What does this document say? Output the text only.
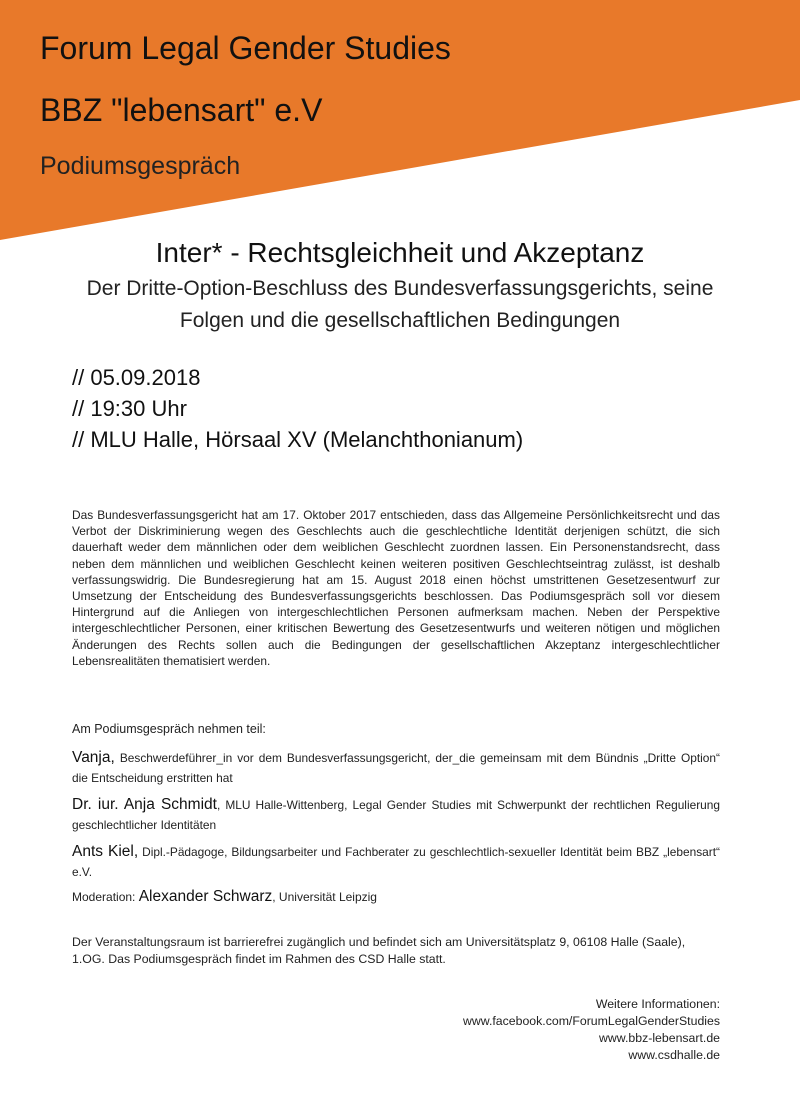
Forum Legal Gender Studies
BBZ "lebensart" e.V
Podiumsgespräch
Inter* - Rechtsgleichheit und Akzeptanz
Der Dritte-Option-Beschluss des Bundesverfassungsgerichts, seine
Folgen und die gesellschaftlichen Bedingungen
// 05.09.2018
// 19:30 Uhr
// MLU Halle, Hörsaal XV (Melanchthonianum)
Das Bundesverfassungsgericht hat am 17. Oktober 2017 entschieden, dass das Allgemeine Persönlichkeitsrecht und das Verbot der Diskriminierung wegen des Geschlechts auch die geschlechtliche Identität derjenigen schützt, die sich dauerhaft weder dem männlichen oder dem weiblichen Geschlecht zuordnen lassen. Ein Personenstandsrecht, dass neben dem männlichen und weiblichen Geschlecht keinen weiteren positiven Geschlechtseintrag zulässt, ist deshalb verfassungswidrig. Die Bundesregierung hat am 15. August 2018 einen höchst umstrittenen Gesetzesentwurf zur Umsetzung der Entscheidung des Bundesverfassungsgerichts beschlossen. Das Podiumsgespräch soll vor diesem Hintergrund auf die Anliegen von intergeschlechtlichen Personen aufmerksam machen. Neben der Perspektive intergeschlechtlicher Personen, einer kritischen Bewertung des Gesetzesentwurfs und weiteren nötigen und möglichen Änderungen des Rechts sollen auch die Bedingungen der gesellschaftlichen Akzeptanz intergeschlechtlicher Lebensrealitäten thematisiert werden.
Am Podiumsgespräch nehmen teil:
Vanja, Beschwerdeführer_in vor dem Bundesverfassungsgericht, der_die gemeinsam mit dem Bündnis „Dritte Option“ die Entscheidung erstritten hat
Dr. iur. Anja Schmidt, MLU Halle-Wittenberg, Legal Gender Studies mit Schwerpunkt der rechtlichen Regulierung geschlechtlicher Identitäten
Ants Kiel, Dipl.-Pädagoge, Bildungsarbeiter und Fachberater zu geschlechtlich-sexueller Identität beim BBZ „lebensart“ e.V.
Moderation: Alexander Schwarz, Universität Leipzig
Der Veranstaltungsraum ist barrierefrei zugänglich und befindet sich am Universitätsplatz 9, 06108 Halle (Saale), 1.OG. Das Podiumsgespräch findet im Rahmen des CSD Halle statt.
Weitere Informationen:
www.facebook.com/ForumLegalGenderStudies
www.bbz-lebensart.de
www.csdhalle.de
